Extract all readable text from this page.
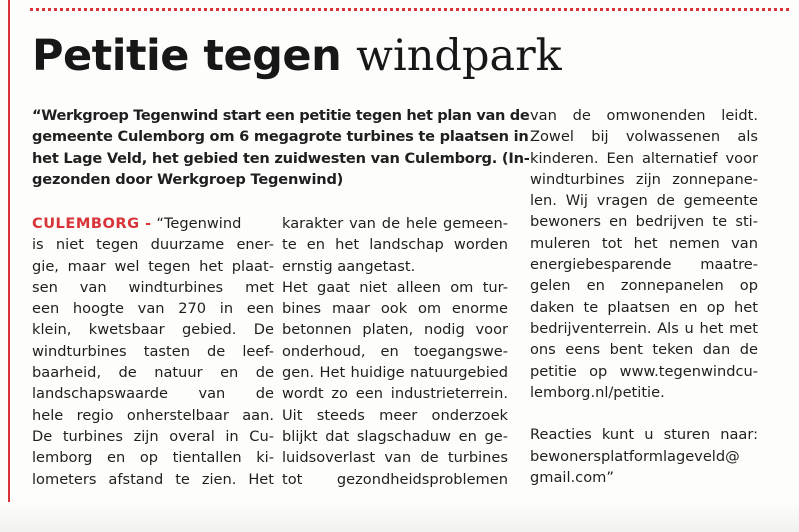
Petitie tegen windpark
“Werkgroep Tegenwind start een petitie tegen het plan van de
gemeente Culemborg om 6 megagrote turbines te plaatsen in
het Lage Veld, het gebied ten zuidwesten van Culemborg. (In-
gezonden door Werkgroep Tegenwind)
CULEMBORG - “Tegenwind
is niet tegen duurzame ener-
gie, maar wel tegen het plaat-
sen van windturbines met
een hoogte van 270 in een
klein, kwetsbaar gebied. De
windturbines tasten de leef-
baarheid, de natuur en de
landschapswaarde van de
hele regio onherstelbaar aan.
De turbines zijn overal in Cu-
lemborg en op tientallen ki-
lometers afstand te zien. Het
karakter van de hele gemeen-
te en het landschap worden
ernstig aangetast.
Het gaat niet alleen om tur-
bines maar ook om enorme
betonnen platen, nodig voor
onderhoud, en toegangswe-
gen. Het huidige natuurgebied
wordt zo een industrieterrein.
Uit steeds meer onderzoek
blijkt dat slagschaduw en ge-
luidsoverlast van de turbines
tot gezondheidsproblemen
van de omwonenden leidt.
Zowel bij volwassenen als
kinderen. Een alternatief voor
windturbines zijn zonnepane-
len. Wij vragen de gemeente
bewoners en bedrijven te sti-
muleren tot het nemen van
energiebesparende maatre-
gelen en zonnepanelen op
daken te plaatsen en op het
bedrijventerrein. Als u het met
ons eens bent teken dan de
petitie op www.tegenwindcu-
lemborg.nl/petitie.
Reacties kunt u sturen naar:
bewonersplatformlageveld@
gmail.com”
